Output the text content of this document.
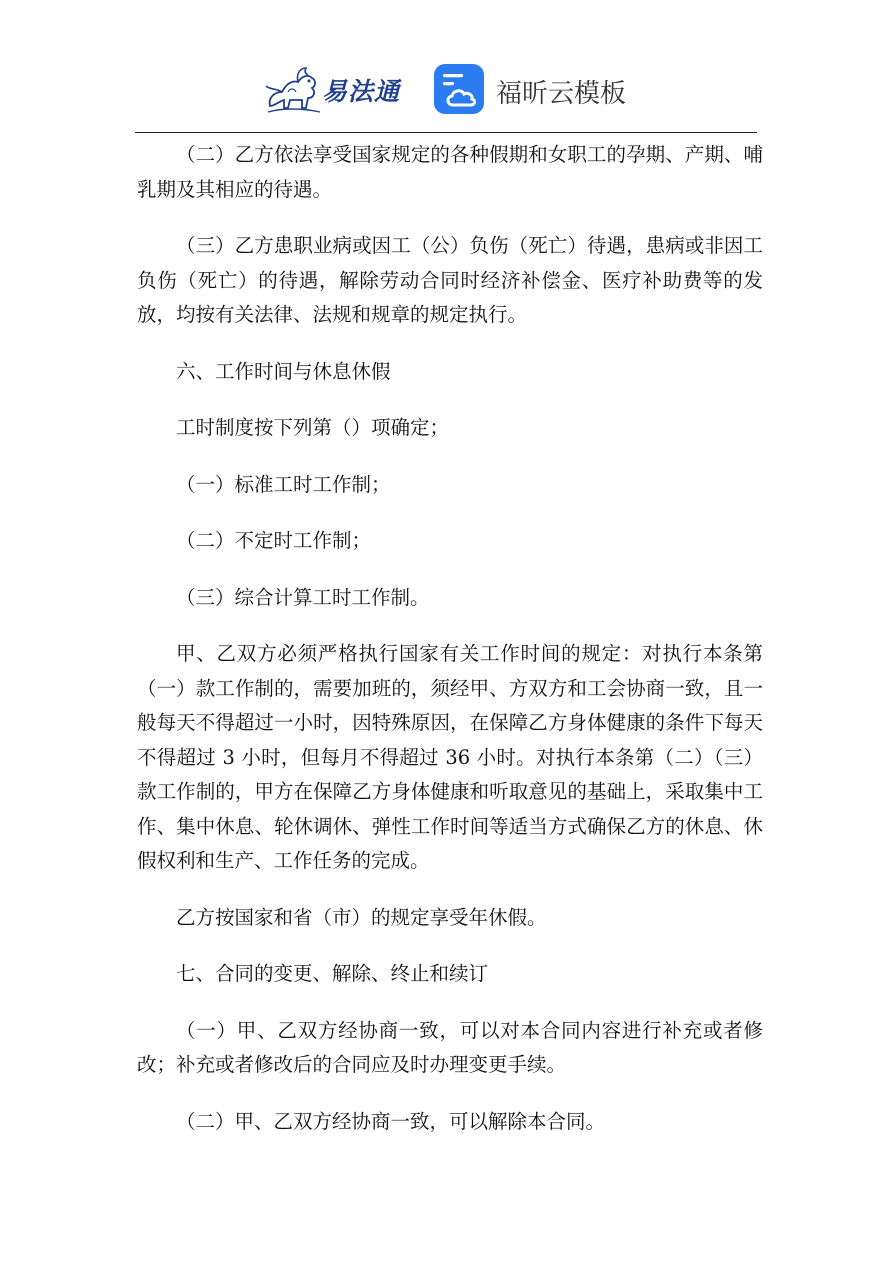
易法通	福昕云模板

（二）乙方依法享受国家规定的各种假期和女职工的孕期、产期、哺乳期及其相应的待遇。

（三）乙方患职业病或因工（公）负伤（死亡）待遇，患病或非因工负伤（死亡）的待遇，解除劳动合同时经济补偿金、医疗补助费等的发放，均按有关法律、法规和规章的规定执行。

六、工作时间与休息休假

工时制度按下列第（）项确定；

（一）标准工时工作制；

（二）不定时工作制；

（三）综合计算工时工作制。

甲、乙双方必须严格执行国家有关工作时间的规定：对执行本条第（一）款工作制的，需要加班的，须经甲、方双方和工会协商一致，且一般每天不得超过一小时，因特殊原因，在保障乙方身体健康的条件下每天不得超过 3 小时，但每月不得超过 36 小时。对执行本条第（二）（三）款工作制的，甲方在保障乙方身体健康和听取意见的基础上，采取集中工作、集中休息、轮休调休、弹性工作时间等适当方式确保乙方的休息、休假权利和生产、工作任务的完成。

乙方按国家和省（市）的规定享受年休假。

七、合同的变更、解除、终止和续订

（一）甲、乙双方经协商一致，可以对本合同内容进行补充或者修改；补充或者修改后的合同应及时办理变更手续。

（二）甲、乙双方经协商一致，可以解除本合同。
